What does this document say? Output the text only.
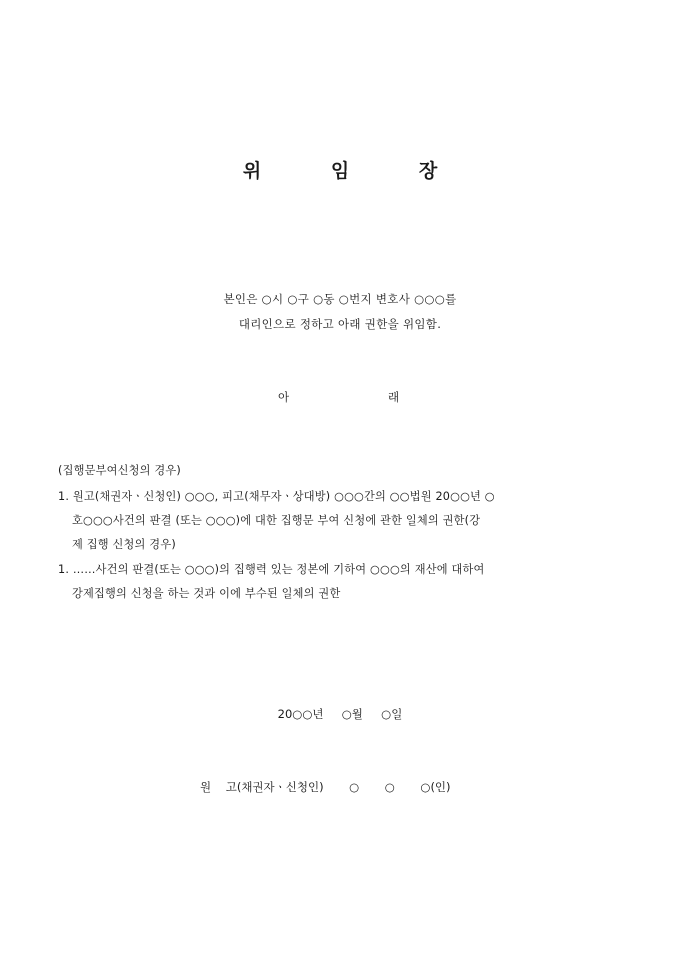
위	임	장
본인은 ○시 ○구 ○동 ○번지 변호사 ○○○를
대리인으로 정하고 아래 권한을 위임함.
아	래
(집행문부여신청의 경우)
1. 원고(채권자ㆍ신청인) ○○○, 피고(채무자ㆍ상대방) ○○○간의 ○○법원 20○○년 ○
호○○○사건의 판결 (또는 ○○○)에 대한 집행문 부여 신청에 관한 일체의 권한(강
제 집행 신청의 경우)
1. ……사건의 판결(또는 ○○○)의 집행력 있는 정본에 기하여 ○○○의 재산에 대하여
강제집행의 신청을 하는 것과 이에 부수된 일체의 권한
20○○년     ○월     ○일
원    고(채권자ㆍ신청인)       ○       ○       ○(인)
